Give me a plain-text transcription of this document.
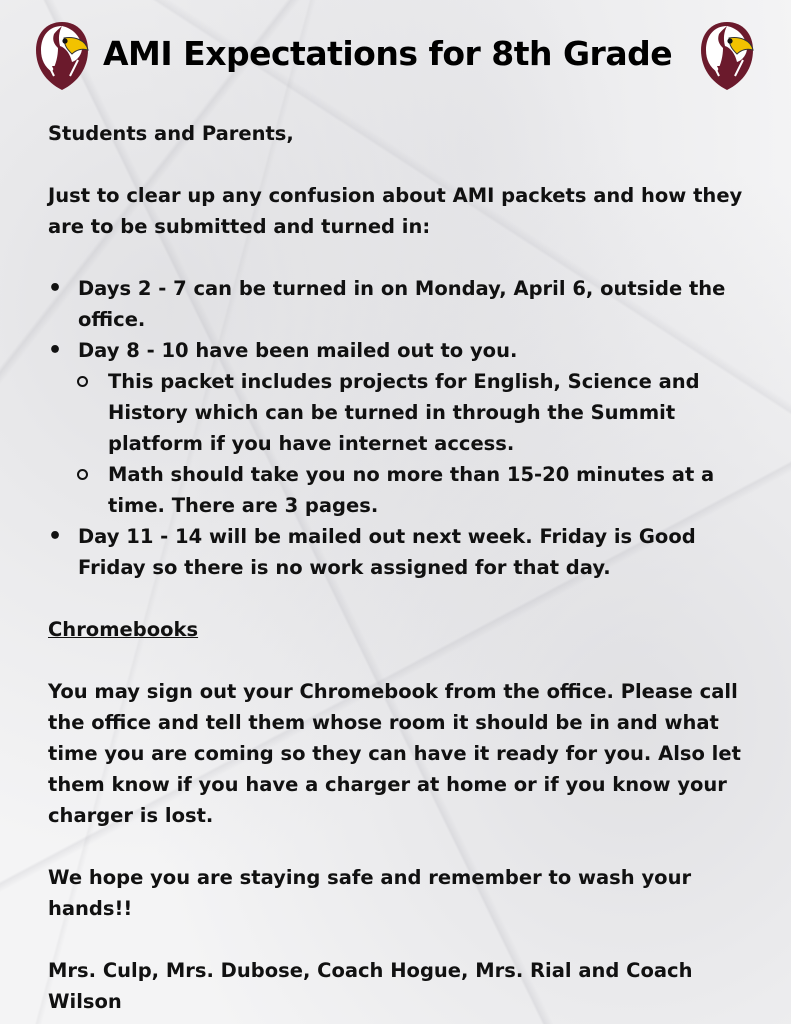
AMI Expectations for 8th Grade

Students and Parents,

Just to clear up any confusion about AMI packets and how they are to be submitted and turned in:

• Days 2 - 7 can be turned in on Monday, April 6, outside the office.
• Day 8 - 10 have been mailed out to you.
This packet includes projects for English, Science and History which can be turned in through the Summit platform if you have internet access.
Math should take you no more than 15-20 minutes at a time. There are 3 pages.
• Day 11 - 14 will be mailed out next week. Friday is Good Friday so there is no work assigned for that day.

Chromebooks

You may sign out your Chromebook from the office. Please call the office and tell them whose room it should be in and what time you are coming so they can have it ready for you. Also let them know if you have a charger at home or if you know your charger is lost.

We hope you are staying safe and remember to wash your hands!!

Mrs. Culp, Mrs. Dubose, Coach Hogue, Mrs. Rial and Coach Wilson
